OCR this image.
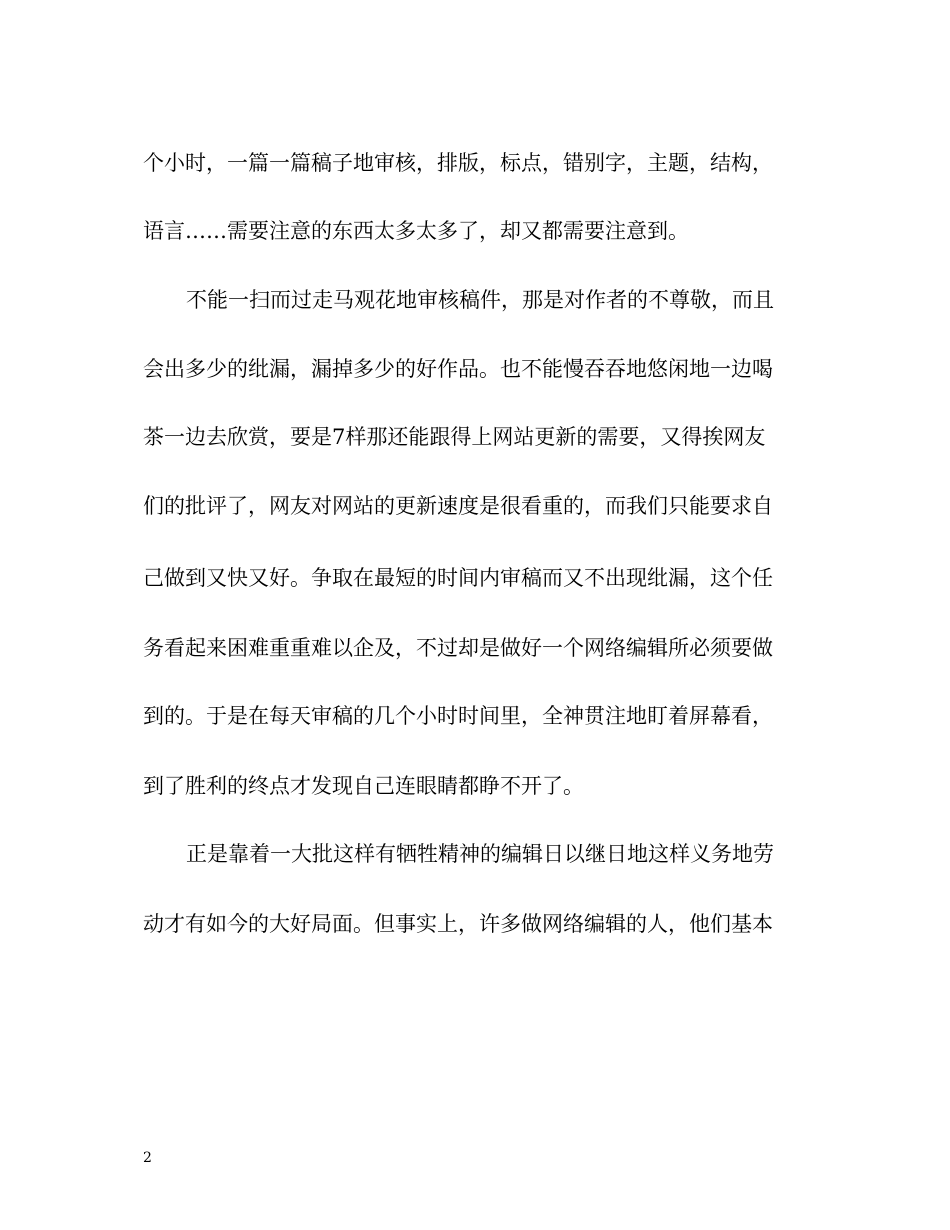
个小时，一篇一篇稿子地审核，排版，标点，错别字，主题，结构，
语言……需要注意的东西太多太多了，却又都需要注意到。
不能一扫而过走马观花地审核稿件，那是对作者的不尊敬，而且
会出多少的纰漏，漏掉多少的好作品。也不能慢吞吞地悠闲地一边喝
茶一边去欣赏，要是7样那还能跟得上网站更新的需要，又得挨网友
们的批评了，网友对网站的更新速度是很看重的，而我们只能要求自
己做到又快又好。争取在最短的时间内审稿而又不出现纰漏，这个任
务看起来困难重重难以企及，不过却是做好一个网络编辑所必须要做
到的。于是在每天审稿的几个小时时间里，全神贯注地盯着屏幕看，
到了胜利的终点才发现自己连眼睛都睁不开了。
正是靠着一大批这样有牺牲精神的编辑日以继日地这样义务地劳
动才有如今的大好局面。但事实上，许多做网络编辑的人，他们基本
2
